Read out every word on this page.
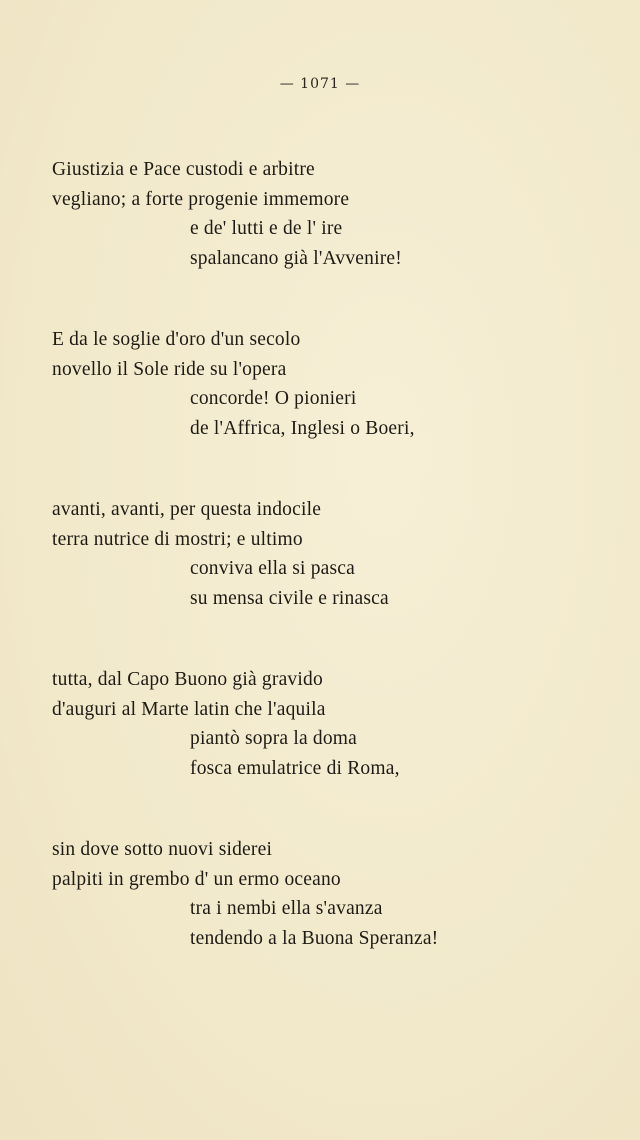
— 1071 —
Giustizia e Pace custodi e arbitre
vegliano; a forte progenie immemore
e de' lutti e de l' ire
spalancano già l'Avvenire!
E da le soglie d'oro d'un secolo
novello il Sole ride su l'opera
concorde! O pionieri
de l'Affrica, Inglesi o Boeri,
avanti, avanti, per questa indocile
terra nutrice di mostri; e ultimo
conviva ella si pasca
su mensa civile e rinasca
tutta, dal Capo Buono già gravido
d'auguri al Marte latin che l'aquila
piantò sopra la doma
fosca emulatrice di Roma,
sin dove sotto nuovi siderei
palpiti in grembo d' un ermo oceano
tra i nembi ella s'avanza
tendendo a la Buona Speranza!
